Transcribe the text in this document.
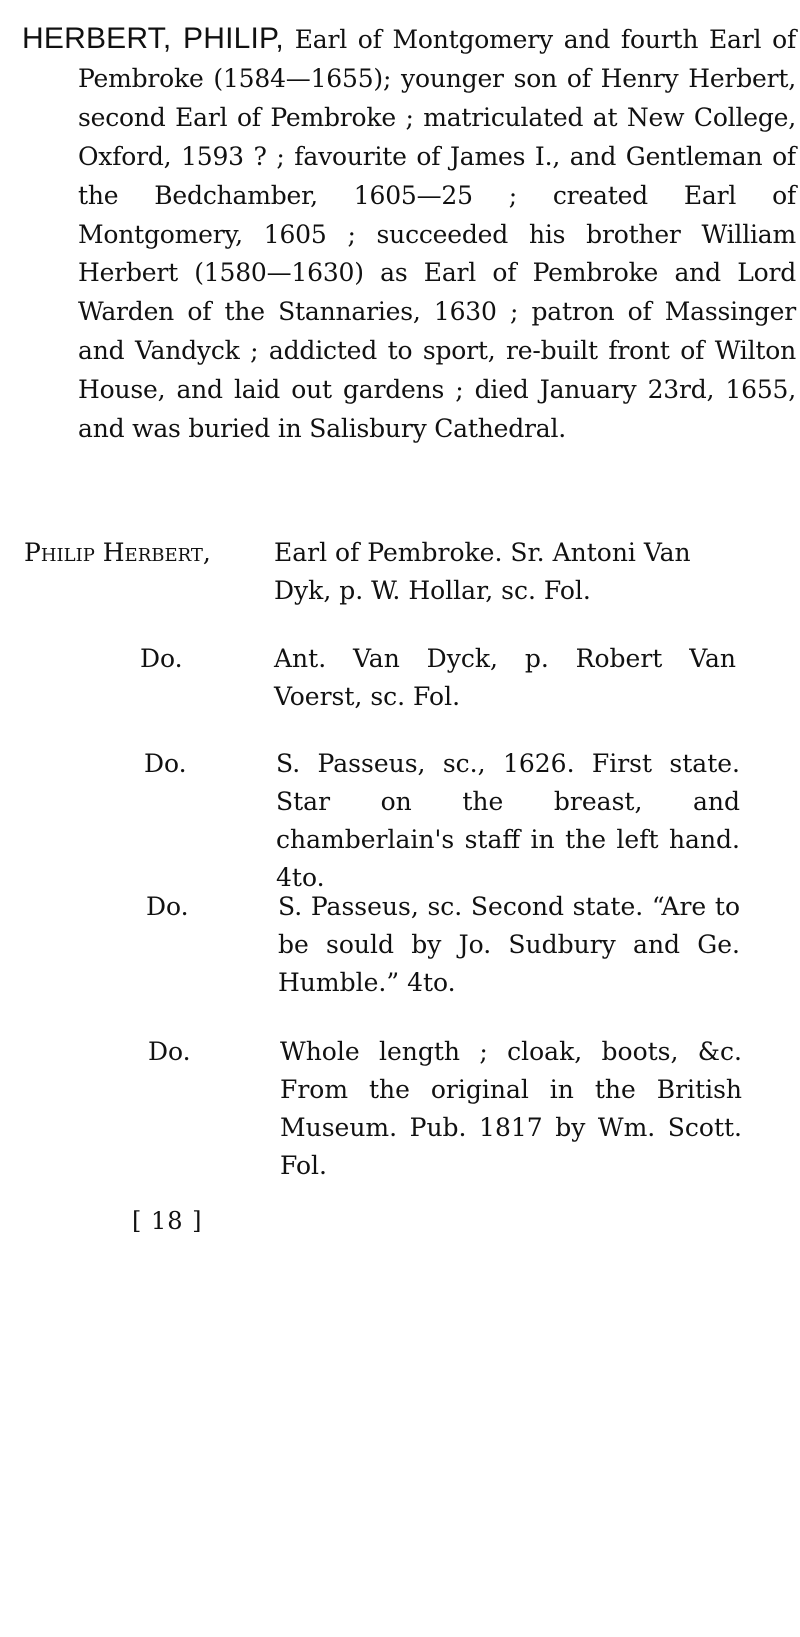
HERBERT, PHILIP, Earl of Montgomery and fourth Earl of Pembroke (1584—1655); younger son of Henry Herbert, second Earl of Pembroke ; matriculated at New College, Oxford, 1593 ? ; favourite of James I., and Gentleman of the Bedchamber, 1605—25 ; created Earl of Montgomery, 1605 ; succeeded his brother William Herbert (1580—1630) as Earl of Pembroke and Lord Warden of the Stannaries, 1630 ; patron of Massinger and Vandyck ; addicted to sport, re-built front of Wilton House, and laid out gardens ; died January 23rd, 1655, and was buried in Salisbury Cathedral.
Philip Herbert,	Earl of Pembroke. Sr. Antoni Van
Dyk, p. W. Hollar, sc. Fol.
Do.	Ant. Van Dyck, p. Robert Van Voerst, sc. Fol.
Do.	S. Passeus, sc., 1626. First state. Star on the breast, and chamberlain's staff in the left hand. 4to.
Do.	S. Passeus, sc. Second state. “Are to be sould by Jo. Sudbury and Ge. Humble.” 4to.
Do.	Whole length ; cloak, boots, &c. From the original in the British Museum. Pub. 1817 by Wm. Scott. Fol.
[ 18 ]
